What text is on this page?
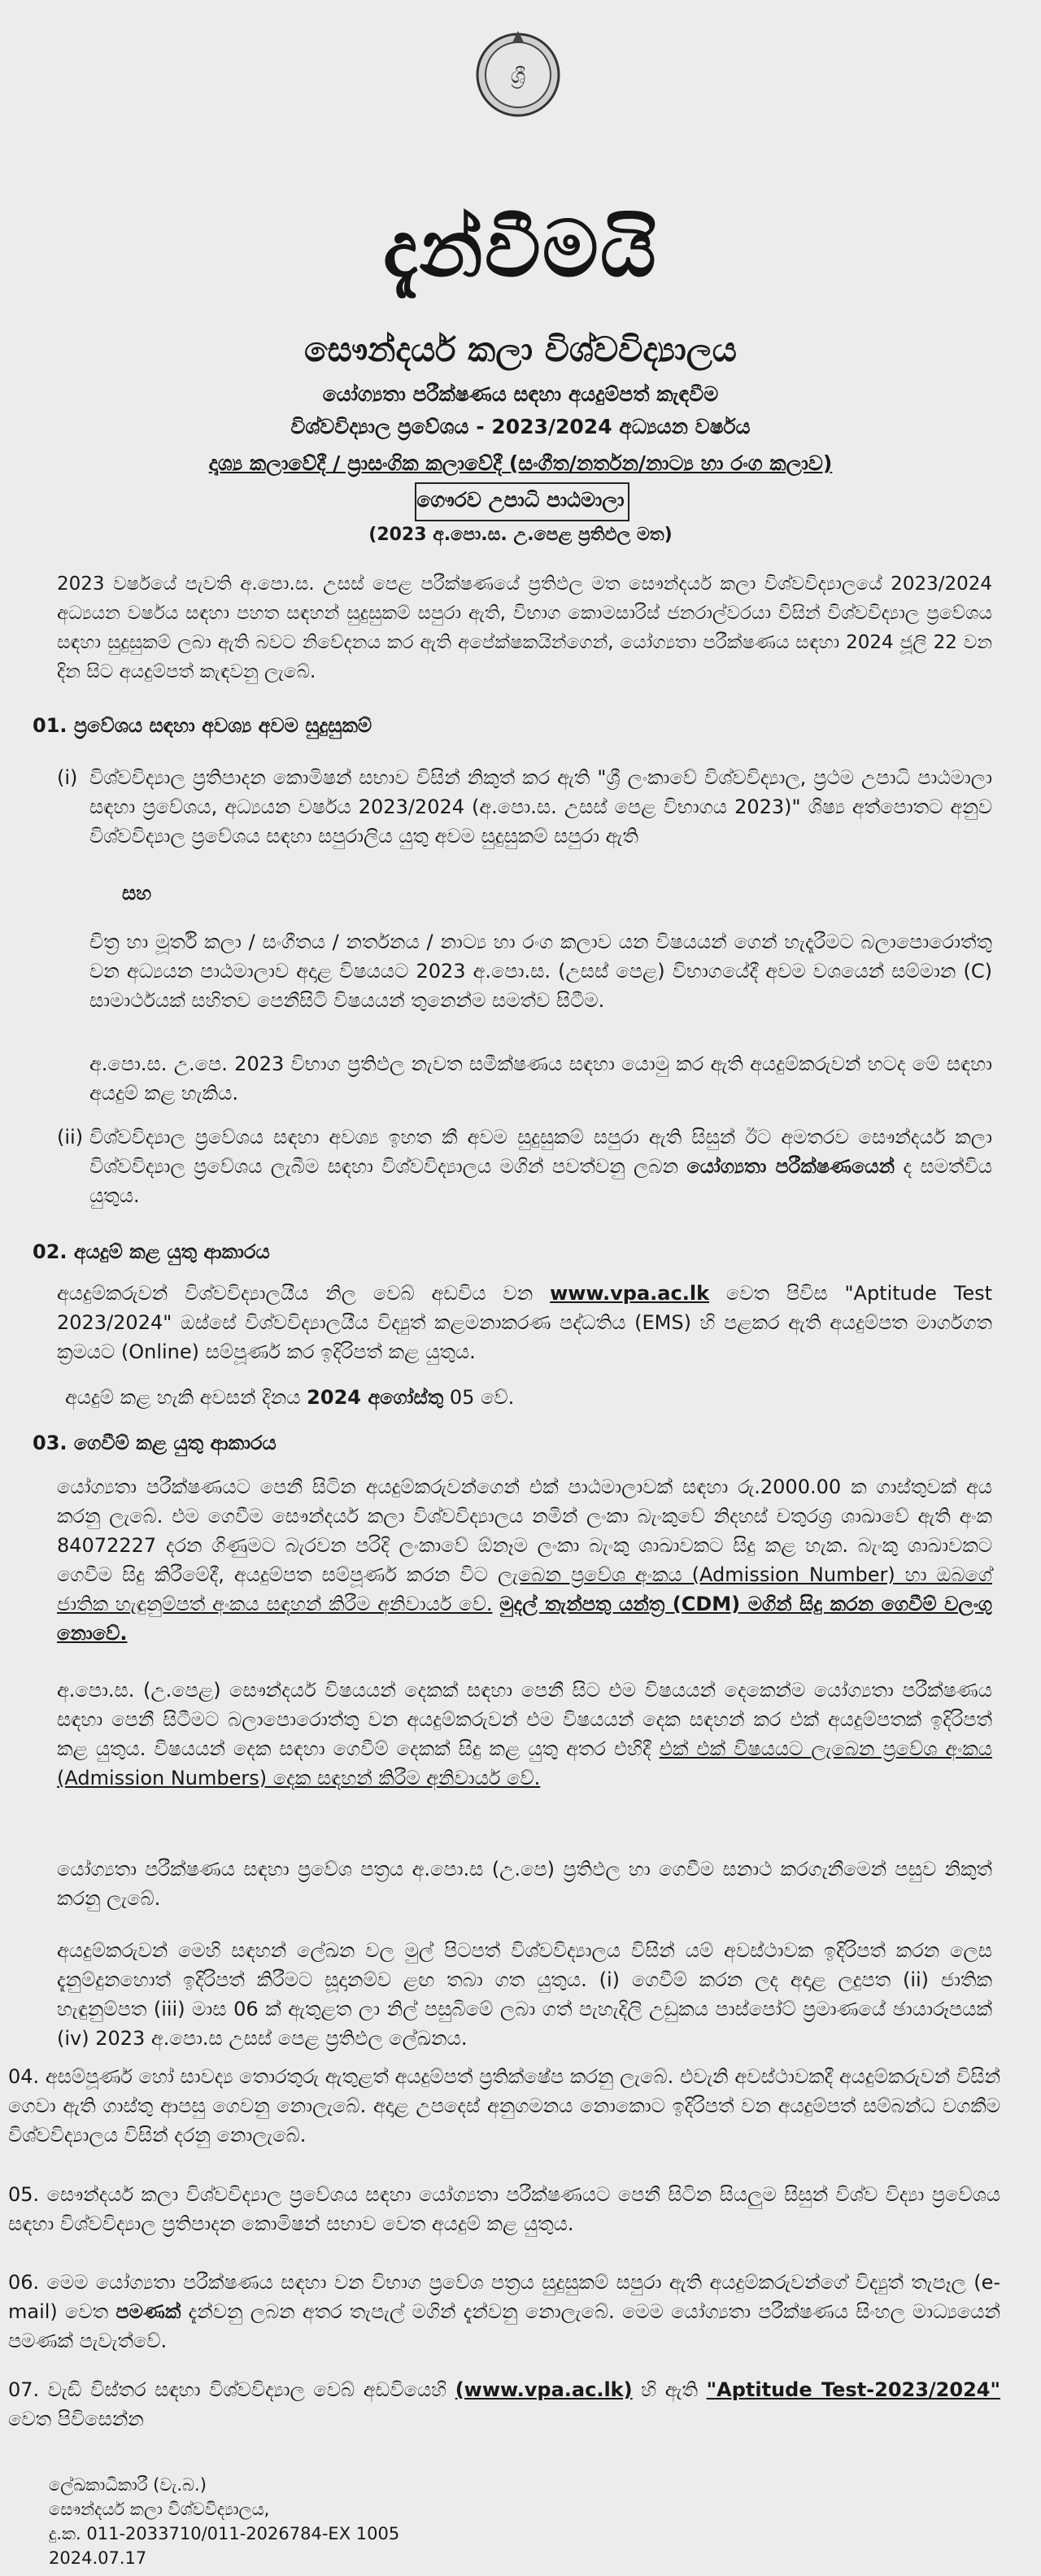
ශ්‍රී
දැන්වීමයි
සෞන්දර්ය කලා විශ්වවිද්‍යාලය
යෝග්‍යතා පරීක්ෂණය සඳහා අයදුම්පත් කැඳවීම
විශ්වවිද්‍යාල ප්‍රවේශය - 2023/2024 අධ්‍යයන වර්ෂය
දෘශ්‍ය කලාවේදී / ප්‍රාසංගික කලාවේදී (සංගීත/නර්තන/නාට්‍ය හා රංග කලාව)
ගෞරව උපාධි පාඨමාලා
(2023 අ.පො.ස. උ.පෙළ ප්‍රතිඵල මත)
2023 වර්ෂයේ පැවති අ.පො.ස. උසස් පෙළ පරීක්ෂණයේ ප්‍රතිඵල මත සෞන්දර්ය කලා විශ්වවිද්‍යාලයේ 2023/2024 අධ්‍යයන වර්ෂය සඳහා පහත සඳහන් සුදුසුකම් සපුරා ඇති, විභාග කොමසාරිස් ජනරාල්වරයා විසින් විශ්වවිද්‍යාල ප්‍රවේශය සඳහා සුදුසුකම් ලබා ඇති බවට නිවේදනය කර ඇති අපේක්ෂකයින්ගෙන්, යෝග්‍යතා පරීක්ෂණය සඳහා 2024 ජූලි 22 වන දින සිට අයදුම්පත් කැඳවනු ලැබේ.
01. ප්‍රවේශය සඳහා අවශ්‍ය අවම සුදුසුකම්
(i) විශ්වවිද්‍යාල ප්‍රතිපාදන කොමිෂන් සභාව විසින් නිකුත් කර ඇති "ශ්‍රී ලංකාවේ විශ්වවිද්‍යාල, ප්‍රථම උපාධි පාඨමාලා සඳහා ප්‍රවේශය, අධ්‍යයන වර්ෂය 2023/2024 (අ.පො.ස. උසස් පෙළ විභාගය 2023)" ශිෂ්‍ය අත්පොතට අනුව විශ්වවිද්‍යාල ප්‍රවේශය සඳහා සපුරාලිය යුතු අවම සුදුසුකම් සපුරා ඇති
සහ
චිත්‍ර හා මූර්ති කලා / සංගීතය / නර්තනය / නාට්‍ය හා රංග කලාව යන විෂයයන් ගෙන් හැදෑරීමට බලාපොරොත්තු වන අධ්‍යයන පාඨමාලාව අදාළ විෂයයට 2023 අ.පො.ස. (උසස් පෙළ) විභාගයේදී අවම වශයෙන් සම්මාන (C) සාමාර්ථයක් සහිතව පෙනීසිටි විෂයයන් තුනෙන්ම සමත්ව සිටීම.
අ.පො.ස. උ.පෙ. 2023 විභාග ප්‍රතිඵල නැවත සමීක්ෂණය සඳහා යොමු කර ඇති අයදුම්කරුවන් හටද මේ සඳහා අයදුම් කළ හැකිය.
(ii) විශ්වවිද්‍යාල ප්‍රවේශය සඳහා අවශ්‍ය ඉහත කී අවම සුදුසුකම් සපුරා ඇති සිසුන් ඊට අමතරව සෞන්දර්ය කලා විශ්වවිද්‍යාල ප්‍රවේශය ලැබීම සඳහා විශ්වවිද්‍යාලය මගින් පවත්වනු ලබන යෝග්‍යතා පරීක්ෂණයෙන් ද සමත්විය යුතුය.
02. අයදුම් කළ යුතු ආකාරය
අයදුම්කරුවන් විශ්වවිද්‍යාලයීය නිල වෙබ් අඩවිය වන www.vpa.ac.lk වෙත පිවිස "Aptitude Test 2023/2024" ඔස්සේ විශ්වවිද්‍යාලයීය විද්‍යුත් කළමනාකරණ පද්ධතිය (EMS) හි පළකර ඇති අයදුම්පත මාර්ගගත ක්‍රමයට (Online) සම්පූර්ණ කර ඉදිරිපත් කළ යුතුය.
අයදුම් කළ හැකි අවසන් දිනය 2024 අගෝස්තු 05 වේ.
03. ගෙවීම් කළ යුතු ආකාරය
යෝග්‍යතා පරීක්ෂණයට පෙනී සිටින අයදුම්කරුවන්ගෙන් එක් පාඨමාලාවක් සඳහා රු.2000.00 ක ගාස්තුවක් අය කරනු ලැබේ. එම ගෙවීම සෞන්දර්ය කලා විශ්වවිද්‍යාලය නමින් ලංකා බැංකුවේ නිදහස් චතුරශ්‍ර ශාඛාවේ ඇති අංක 84072227 දරන ගිණුමට බැරවන පරිදි ලංකාවේ ඕනෑම ලංකා බැංකු ශාඛාවකට සිදු කළ හැක. බැංකු ශාඛාවකට ගෙවීම සිදු කිරීමේදී, අයදුම්පත සම්පූර්ණ කරන විට ලැබෙන ප්‍රවේශ අංකය (Admission Number) හා ඔබගේ ජාතික හැඳුනුම්පත් අංකය සඳහන් කිරීම අනිවාර්ය වේ. මුදල් තැන්පතු යන්ත්‍ර (CDM) මගින් සිදු කරන ගෙවීම් වලංගු නොවේ.
අ.පො.ස. (උ.පෙළ) සෞන්දර්ය විෂයයන් දෙකක් සඳහා පෙනී සිට එම විෂයයන් දෙකෙන්ම යෝග්‍යතා පරීක්ෂණය සඳහා පෙනී සිටීමට බලාපොරොත්තු වන අයදුම්කරුවන් එම විෂයයන් දෙක සඳහන් කර එක් අයදුම්පතක් ඉදිරිපත් කළ යුතුය. විෂයයන් දෙක සඳහා ගෙවීම් දෙකක් සිදු කළ යුතු අතර එහිදී එක් එක් විෂයයට ලැබෙන ප්‍රවේශ අංකය (Admission Numbers) දෙක සඳහන් කිරීම අනිවාර්ය වේ.
යෝග්‍යතා පරීක්ෂණය සඳහා ප්‍රවේශ පත්‍රය අ.පො.ස (උ.පෙ) ප්‍රතිඵල හා ගෙවීම සනාථ කරගැනීමෙන් පසුව නිකුත් කරනු ලැබේ.
අයදුම්කරුවන් මෙහි සඳහන් ලේඛන වල මුල් පිටපත් විශ්වවිද්‍යාලය විසින් යම් අවස්ථාවක ඉදිරිපත් කරන ලෙස දැනුම්දුනහොත් ඉදිරිපත් කිරීමට සූදානම්ව ළඟ තබා ගත යුතුය. (i) ගෙවීම් කරන ලද අදාළ ලදුපත (ii) ජාතික හැඳුනුම්පත (iii) මාස 06 ක් ඇතුළත ලා නිල් පසුබිමේ ලබා ගත් පැහැදිලි උඩුකය පාස්පෝට් ප්‍රමාණයේ ඡායාරූපයක් (iv) 2023 අ.පො.ස උසස් පෙළ ප්‍රතිඵල ලේඛනය.
04. අසම්පූර්ණ හෝ සාවද්‍ය තොරතුරු ඇතුළත් අයදුම්පත් ප්‍රතික්ෂේප කරනු ලැබේ. එවැනි අවස්ථාවකදී අයදුම්කරුවන් විසින් ගෙවා ඇති ගාස්තු ආපසු ගෙවනු නොලැබේ. අදාළ උපදෙස් අනුගමනය නොකොට ඉදිරිපත් වන අයදුම්පත් සම්බන්ධ වගකීම විශ්වවිද්‍යාලය විසින් දරනු නොලැබේ.
05. සෞන්දර්ය කලා විශ්වවිද්‍යාල ප්‍රවේශය සඳහා යෝග්‍යතා පරීක්ෂණයට පෙනී සිටින සියලුම සිසුන් විශ්ව විද්‍යා ප්‍රවේශය සඳහා විශ්වවිද්‍යාල ප්‍රතිපාදන කොමිෂන් සභාව වෙත අයදුම් කළ යුතුය.
06. මෙම යෝග්‍යතා පරීක්ෂණය සඳහා වන විභාග ප්‍රවේශ පත්‍රය සුදුසුකම් සපුරා ඇති අයදුම්කරුවන්ගේ විද්‍යුත් තැපෑල (e-mail) වෙත පමණක් දැන්වනු ලබන අතර තැපැල් මගින් දැන්වනු නොලැබේ. මෙම යෝග්‍යතා පරීක්ෂණය සිංහල මාධ්‍යයෙන් පමණක් පැවැත්වේ.
07. වැඩි විස්තර සඳහා විශ්වවිද්‍යාල වෙබ් අඩවියෙහි (www.vpa.ac.lk) හි ඇති "Aptitude Test-2023/2024" වෙත පිවිසෙන්න
ලේඛකාධිකාරී (වැ.බ.)
සෞන්දර්ය කලා විශ්වවිද්‍යාලය,
දු.ක. 011-2033710/011-2026784-EX 1005
2024.07.17
